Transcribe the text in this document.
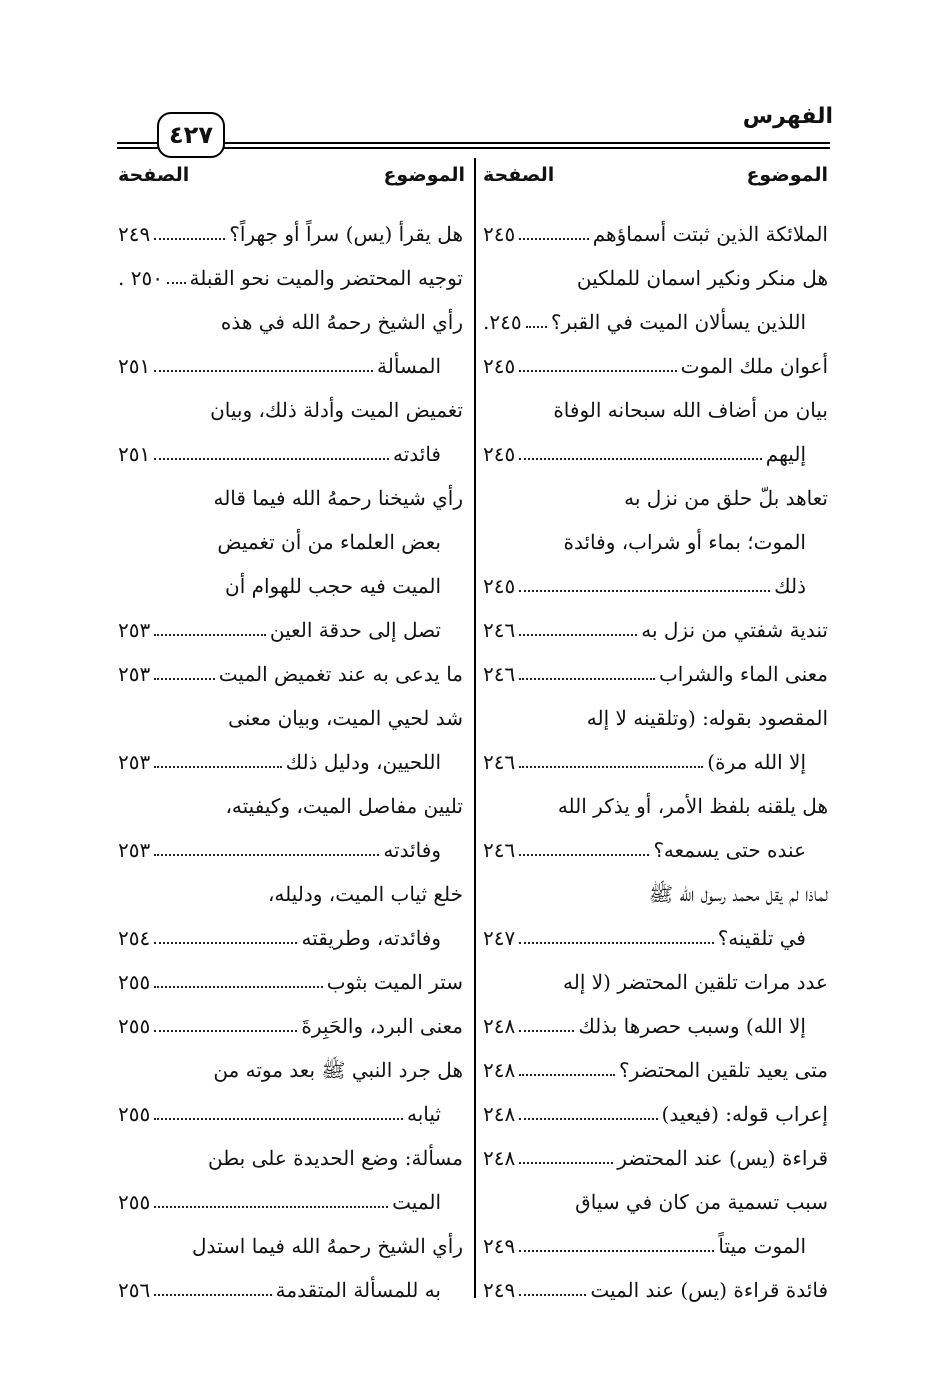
الفهرس
٤٢٧
الموضوع
الصفحة
الموضوع
الصفحة
الملائكة الذين ثبتت أسماؤهم
٢٤٥
هل منكر ونكير اسمان للملكين
اللذين يسألان الميت في القبر؟
٢٤٥.
أعوان ملك الموت
٢٤٥
بيان من أضاف الله سبحانه الوفاة
إليهم
٢٤٥
تعاهد بلّ حلق من نزل به
الموت؛ بماء أو شراب، وفائدة
ذلك
٢٤٥
تندية شفتي من نزل به
٢٤٦
معنى الماء والشراب
٢٤٦
المقصود بقوله: (وتلقينه لا إله
إلا الله مرة)
٢٤٦
هل يلقنه بلفظ الأمر، أو يذكر الله
عنده حتى يسمعه؟
٢٤٦
لماذا لم يقل محمد رسول الله ﷺ
في تلقينه؟
٢٤٧
عدد مرات تلقين المحتضر (لا إله
إلا الله) وسبب حصرها بذلك
٢٤٨
متى يعيد تلقين المحتضر؟
٢٤٨
إعراب قوله: (فيعيد)
٢٤٨
قراءة (يس) عند المحتضر
٢٤٨
سبب تسمية من كان في سياق
الموت ميتاً
٢٤٩
فائدة قراءة (يس) عند الميت
٢٤٩
هل يقرأ (يس) سراً أو جهراً؟
٢٤٩
توجيه المحتضر والميت نحو القبلة
٢٥٠ .
رأي الشيخ رحمهُ الله في هذه
المسألة
٢٥١
تغميض الميت وأدلة ذلك، وبيان
فائدته
٢٥١
رأي شيخنا رحمهُ الله فيما قاله
بعض العلماء من أن تغميض
الميت فيه حجب للهوام أن
تصل إلى حدقة العين
٢٥٣
ما يدعى به عند تغميض الميت
٢٥٣
شد لحيي الميت، وبيان معنى
اللحيين، ودليل ذلك
٢٥٣
تليين مفاصل الميت، وكيفيته،
وفائدته
٢٥٣
خلع ثياب الميت، ودليله،
وفائدته، وطريقته
٢٥٤
ستر الميت بثوب
٢٥٥
معنى البرد، والحَبِرةَ
٢٥٥
هل جرد النبي ﷺ بعد موته من
ثيابه
٢٥٥
مسألة: وضع الحديدة على بطن
الميت
٢٥٥
رأي الشيخ رحمهُ الله فيما استدل
به للمسألة المتقدمة
٢٥٦
